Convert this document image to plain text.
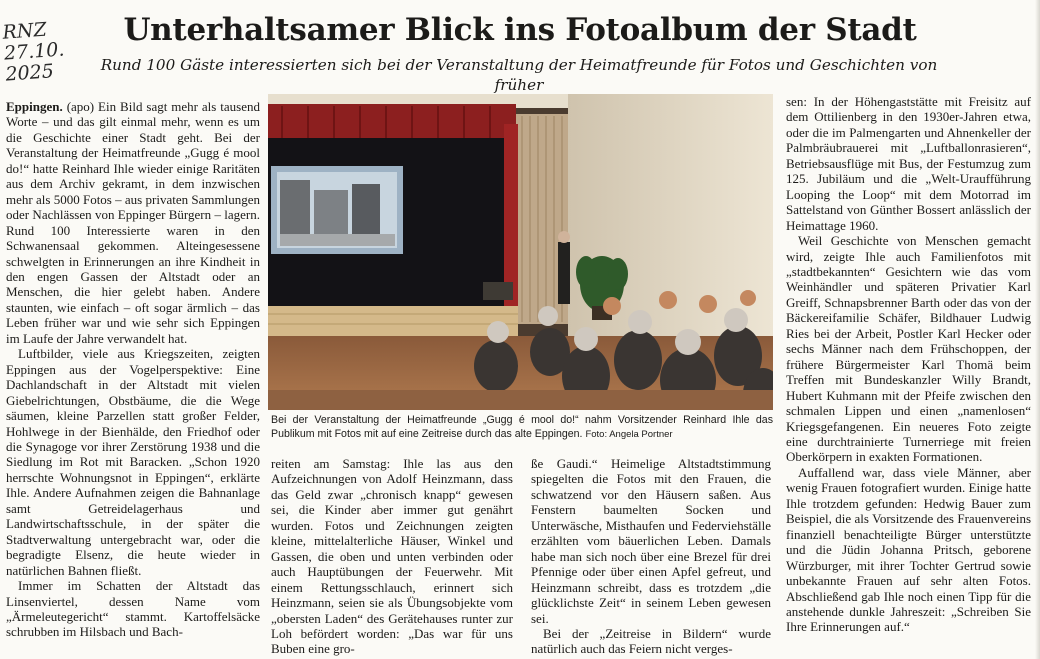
RNZ
27.10.
2025
Unterhaltsamer Blick ins Fotoalbum der Stadt

Rund 100 Gäste interessierten sich bei der Veranstaltung der Heimatfreunde für Fotos und Geschichten von früher

Eppingen. (apo) Ein Bild sagt mehr als tausend Worte – und das gilt einmal mehr, wenn es um die Geschichte einer Stadt geht. Bei der Veranstaltung der Heimatfreunde „Gugg é mool do!“ hatte Reinhard Ihle wieder einige Raritäten aus dem Archiv gekramt, in dem inzwischen mehr als 5000 Fotos – aus privaten Sammlungen oder Nachlässen von Eppinger Bürgern – lagern. Rund 100 Interessierte waren in den Schwanensaal gekommen. Alteingesessene schwelgten in Erinnerungen an ihre Kindheit in den engen Gassen der Altstadt oder an Menschen, die hier gelebt haben. Andere staunten, wie einfach – oft sogar ärmlich – das Leben früher war und wie sehr sich Eppingen im Laufe der Jahre verwandelt hat.

Luftbilder, viele aus Kriegszeiten, zeigten Eppingen aus der Vogelperspektive: Eine Dachlandschaft in der Altstadt mit vielen Giebelrichtungen, Obstbäume, die die Wege säumen, kleine Parzellen statt großer Felder, Hohlwege in der Bienhälde, den Friedhof oder die Synagoge vor ihrer Zerstörung 1938 und die Siedlung im Rot mit Baracken. „Schon 1920 herrschte Wohnungsnot in Eppingen“, erklärte Ihle. Andere Aufnahmen zeigen die Bahnanlage samt Getreidelagerhaus und Landwirtschaftsschule, in der später die Stadtverwaltung untergebracht war, oder die begradigte Elsenz, die heute wieder in natürlichen Bahnen fließt.

Immer im Schatten der Altstadt das Linsenviertel, dessen Name vom „Ärmeleutegericht“ stammt. Kartoffelsäcke schrubben im Hilsbach und Bach-

Bei der Veranstaltung der Heimatfreunde „Gugg é mool do!“ nahm Vorsitzender Reinhard Ihle das Publikum mit Fotos mit auf eine Zeitreise durch das alte Eppingen. Foto: Angela Portner

reiten am Samstag: Ihle las aus den Aufzeichnungen von Adolf Heinzmann, dass das Geld zwar „chronisch knapp“ gewesen sei, die Kinder aber immer gut genährt wurden. Fotos und Zeichnungen zeigten kleine, mittelalterliche Häuser, Winkel und Gassen, die oben und unten verbinden oder auch Hauptübungen der Feuerwehr. Mit einem Rettungsschlauch, erinnert sich Heinzmann, seien sie als Übungsobjekte vom „obersten Laden“ des Gerätehauses runter zur Loh befördert worden: „Das war für uns Buben eine gro-

ße Gaudi.“ Heimelige Altstadtstimmung spiegelten die Fotos mit den Frauen, die schwatzend vor den Häusern saßen. Aus Fenstern baumelten Socken und Unterwäsche, Misthaufen und Federviehställe erzählten vom bäuerlichen Leben. Damals habe man sich noch über eine Brezel für drei Pfennige oder über einen Apfel gefreut, und Heinzmann schreibt, dass es trotzdem „die glücklichste Zeit“ in seinem Leben gewesen sei.

Bei der „Zeitreise in Bildern“ wurde natürlich auch das Feiern nicht verges-

sen: In der Höhengaststätte mit Freisitz auf dem Ottilienberg in den 1930er-Jahren etwa, oder die im Palmengarten und Ahnenkeller der Palmbräubrauerei mit „Luftballonrasieren“, Betriebsausflüge mit Bus, der Festumzug zum 125. Jubiläum und die „Welt-Uraufführung Looping the Loop“ mit dem Motorrad im Sattelstand von Günther Bossert anlässlich der Heimattage 1960.

Weil Geschichte von Menschen gemacht wird, zeigte Ihle auch Familienfotos mit „stadtbekannten“ Gesichtern wie das vom Weinhändler und späteren Privatier Karl Greiff, Schnapsbrenner Barth oder das von der Bäckereifamilie Schäfer, Bildhauer Ludwig Ries bei der Arbeit, Postler Karl Hecker oder sechs Männer nach dem Frühschoppen, der frühere Bürgermeister Karl Thomä beim Treffen mit Bundeskanzler Willy Brandt, Hubert Kuhmann mit der Pfeife zwischen den schmalen Lippen und einen „namenlosen“ Kriegsgefangenen. Ein neueres Foto zeigte eine durchtrainierte Turnerriege mit freien Oberkörpern in exakten Formationen.

Auffallend war, dass viele Männer, aber wenig Frauen fotografiert wurden. Einige hatte Ihle trotzdem gefunden: Hedwig Bauer zum Beispiel, die als Vorsitzende des Frauenvereins finanziell benachteiligte Bürger unterstützte und die Jüdin Johanna Pritsch, geborene Würzburger, mit ihrer Tochter Gertrud sowie unbekannte Frauen auf sehr alten Fotos. Abschließend gab Ihle noch einen Tipp für die anstehende dunkle Jahreszeit: „Schreiben Sie Ihre Erinnerungen auf.“
